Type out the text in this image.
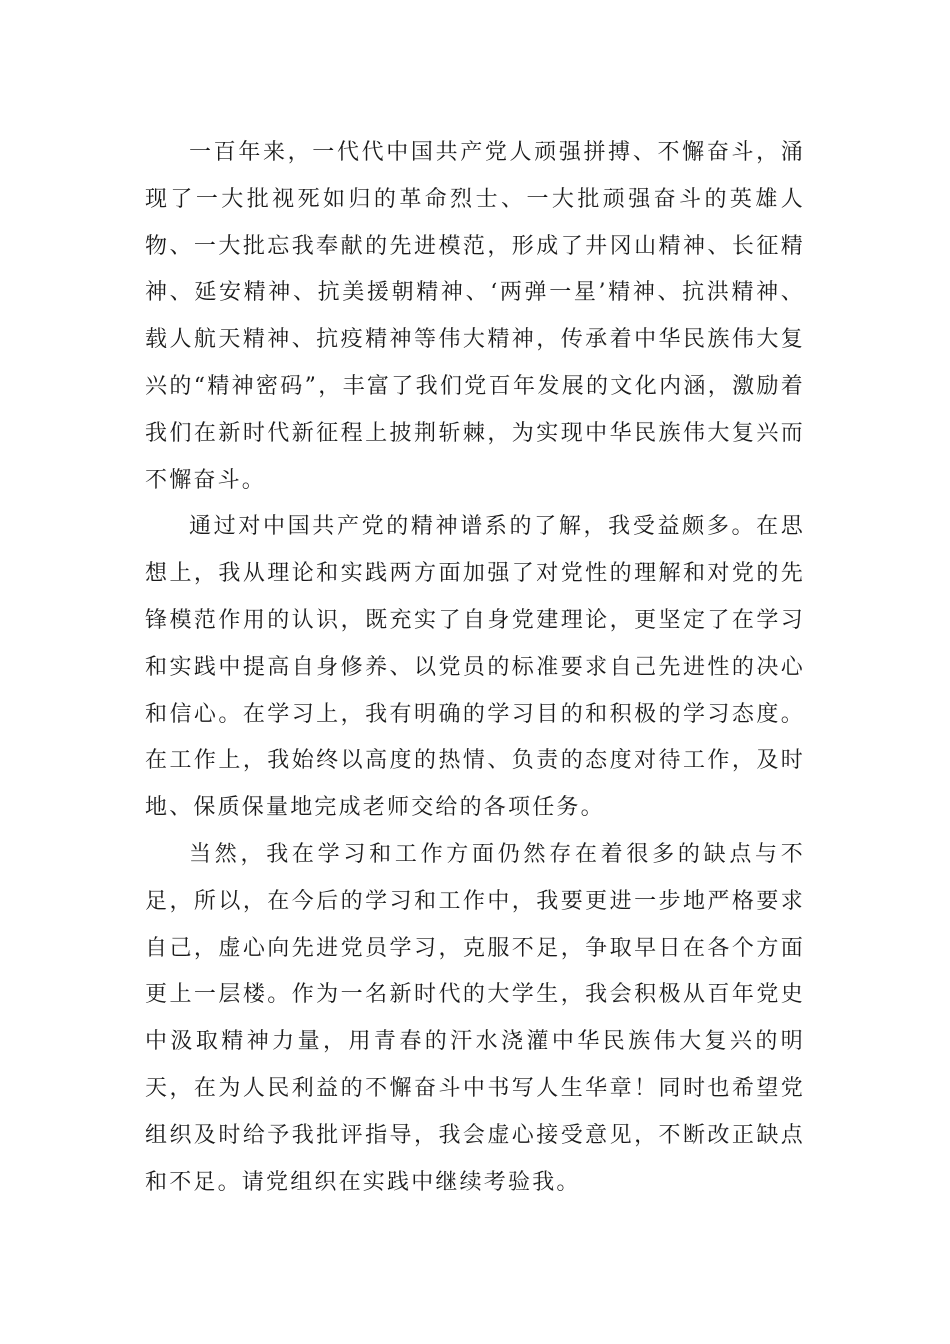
一百年来，一代代中国共产党人顽强拼搏、不懈奋斗，涌现了一大批视死如归的革命烈士、一大批顽强奋斗的英雄人物、一大批忘我奉献的先进模范，形成了井冈山精神、长征精神、延安精神、抗美援朝精神、‘两弹一星’精神、抗洪精神、载人航天精神、抗疫精神等伟大精神，传承着中华民族伟大复兴的“精神密码”，丰富了我们党百年发展的文化内涵，激励着我们在新时代新征程上披荆斩棘，为实现中华民族伟大复兴而不懈奋斗。

通过对中国共产党的精神谱系的了解，我受益颇多。在思想上，我从理论和实践两方面加强了对党性的理解和对党的先锋模范作用的认识，既充实了自身党建理论，更坚定了在学习和实践中提高自身修养、以党员的标准要求自己先进性的决心和信心。在学习上，我有明确的学习目的和积极的学习态度。在工作上，我始终以高度的热情、负责的态度对待工作，及时地、保质保量地完成老师交给的各项任务。

当然，我在学习和工作方面仍然存在着很多的缺点与不足，所以，在今后的学习和工作中，我要更进一步地严格要求自己，虚心向先进党员学习，克服不足，争取早日在各个方面更上一层楼。作为一名新时代的大学生，我会积极从百年党史中汲取精神力量，用青春的汗水浇灌中华民族伟大复兴的明天，在为人民利益的不懈奋斗中书写人生华章！同时也希望党组织及时给予我批评指导，我会虚心接受意见，不断改正缺点和不足。请党组织在实践中继续考验我。
